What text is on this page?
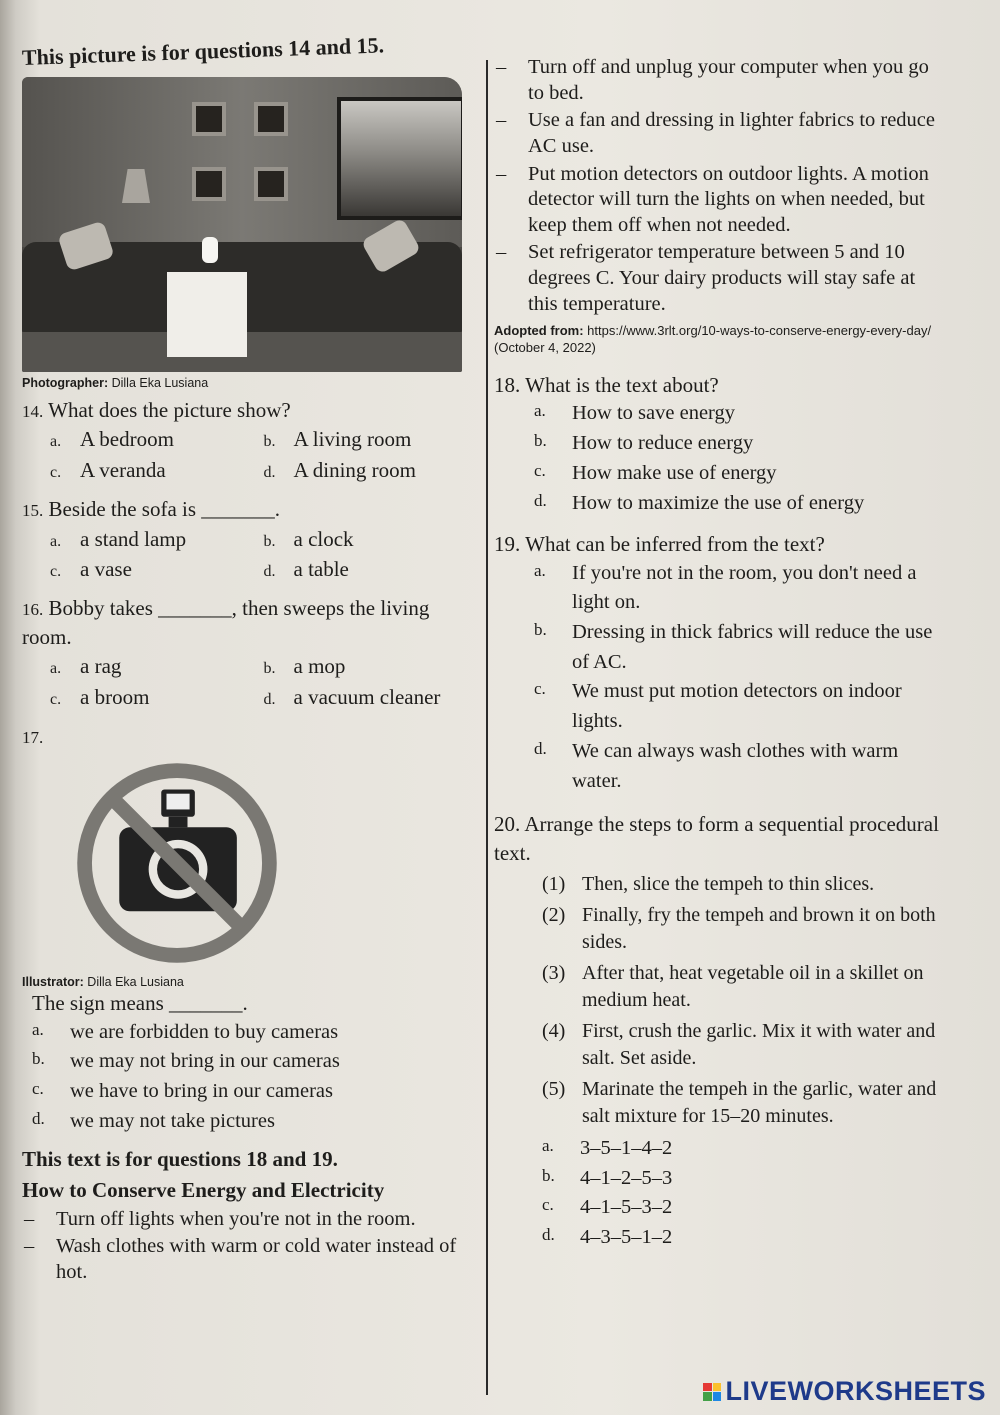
This picture is for questions 14 and 15.

Photographer: Dilla Eka Lusiana

14. What does the picture show?

a. A bedroom	b. A living room
c. A veranda	d. A dining room

15. Beside the sofa is _______.

a. a stand lamp	b. a clock
c. a vase	d. a table

16. Bobby takes _______, then sweeps the living room.

a. a rag	b. a mop
c. a broom	d. a vacuum cleaner

17.

Illustrator: Dilla Eka Lusiana

The sign means _______.

a.	we are forbidden to buy cameras
b.	we may not bring in our cameras
c.	we have to bring in our cameras
d.	we may not take pictures

This text is for questions 18 and 19.

How to Conserve Energy and Electricity

– Turn off lights when you're not in the room.
– Wash clothes with warm or cold water instead of hot.
– Turn off and unplug your computer when you go to bed.
– Use a fan and dressing in lighter fabrics to reduce AC use.
– Put motion detectors on outdoor lights. A motion detector will turn the lights on when needed, but keep them off when not needed.
– Set refrigerator temperature between 5 and 10 degrees C. Your dairy products will stay safe at this temperature.
Adopted from: https://www.3rlt.org/10-ways-to-conserve-energy-every-day/ (October 4, 2022)

18. What is the text about?

a.	How to save energy
b.	How to reduce energy
c.	How make use of energy
d.	How to maximize the use of energy

19. What can be inferred from the text?

a.	If you're not in the room, you don't need a light on.
b.	Dressing in thick fabrics will reduce the use of AC.
c.	We must put motion detectors on indoor lights.
d.	We can always wash clothes with warm water.

20. Arrange the steps to form a sequential procedural text.

(1) Then, slice the tempeh to thin slices.
(2) Finally, fry the tempeh and brown it on both sides.
(3) After that, heat vegetable oil in a skillet on medium heat.
(4) First, crush the garlic. Mix it with water and salt. Set aside.
(5) Marinate the tempeh in the garlic, water and salt mixture for 15–20 minutes.
a.	3–5–1–4–2
b.	4–1–2–5–3
c.	4–1–5–3–2
d.	4–3–5–1–2
LIVEWORKSHEETS
